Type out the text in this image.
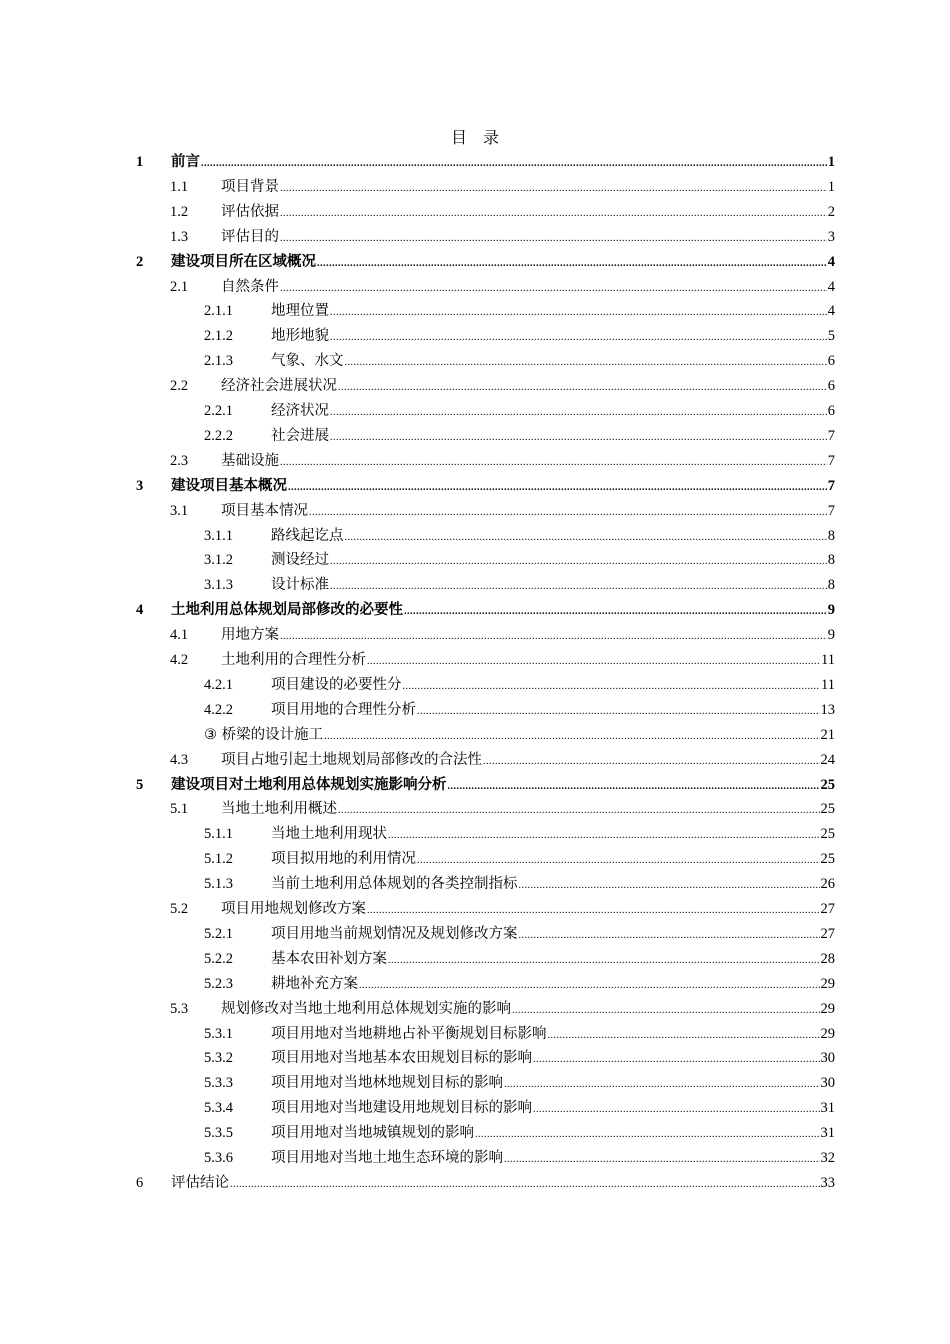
目　录
1	前言 .....	1
1.1	项目背景 .....	1
1.2	评估依据 .....	2
1.3	评估目的 .....	3
2	建设项目所在区域概况 .....	4
2.1	自然条件 .....	4
2.1.1	地理位置 .....	4
2.1.2	地形地貌 .....	5
2.1.3	气象、水文 .....	6
2.2	经济社会进展状况 .....	6
2.2.1	经济状况 .....	6
2.2.2	社会进展 .....	7
2.3	基础设施 .....	7
3	建设项目基本概况 .....	7
3.1	项目基本情况 .....	7
3.1.1	路线起讫点 .....	8
3.1.2	测设经过 .....	8
3.1.3	设计标准 .....	8
4	土地利用总体规划局部修改的必要性 .....	9
4.1	用地方案 .....	9
4.2	土地利用的合理性分析 .....	11
4.2.1	项目建设的必要性分 .....	11
4.2.2	项目用地的合理性分析 .....	13
③ 桥梁的设计施工 .....	21
4.3	项目占地引起土地规划局部修改的合法性 .....	24
5	建设项目对土地利用总体规划实施影响分析 .....	25
5.1	当地土地利用概述 .....	25
5.1.1	当地土地利用现状 .....	25
5.1.2	项目拟用地的利用情况 .....	25
5.1.3	当前土地利用总体规划的各类控制指标 .....	26
5.2	项目用地规划修改方案 .....	27
5.2.1	项目用地当前规划情况及规划修改方案 .....	27
5.2.2	基本农田补划方案 .....	28
5.2.3	耕地补充方案 .....	29
5.3	规划修改对当地土地利用总体规划实施的影响 .....	29
5.3.1	项目用地对当地耕地占补平衡规划目标影响 .....	29
5.3.2	项目用地对当地基本农田规划目标的影响 .....	30
5.3.3	项目用地对当地林地规划目标的影响 .....	30
5.3.4	项目用地对当地建设用地规划目标的影响 .....	31
5.3.5	项目用地对当地城镇规划的影响 .....	31
5.3.6	项目用地对当地土地生态环境的影响 .....	32
6	评估结论 .....	33
